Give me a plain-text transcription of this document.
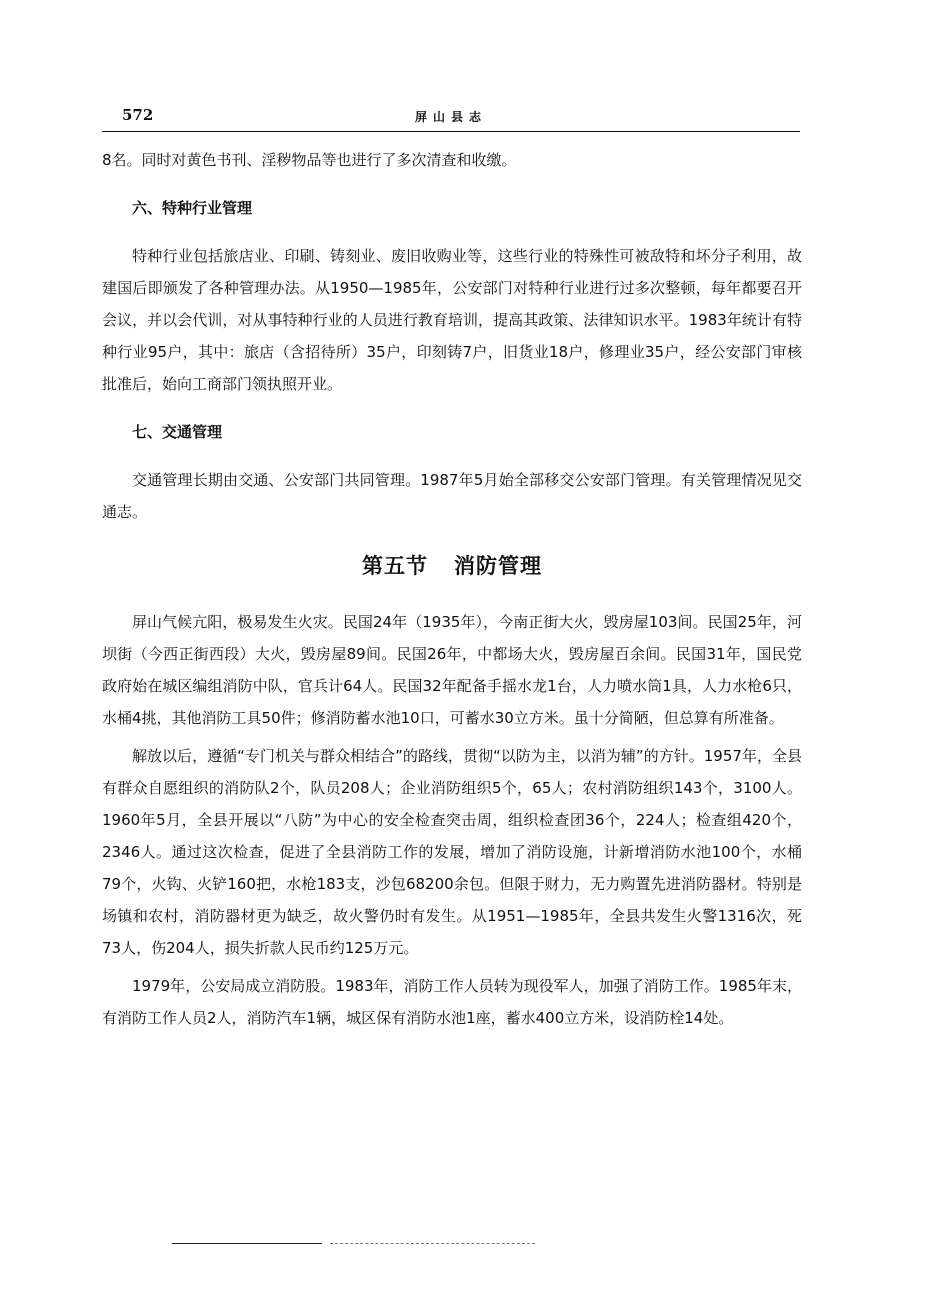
572	屏山县志

8名。同时对黄色书刊、淫秽物品等也进行了多次清查和收缴。

六、特种行业管理

特种行业包括旅店业、印刷、铸刻业、废旧收购业等，这些行业的特殊性可被敌特和坏分子利用，故建国后即颁发了各种管理办法。从1950—1985年，公安部门对特种行业进行过多次整顿，每年都要召开会议，并以会代训，对从事特种行业的人员进行教育培训，提高其政策、法律知识水平。1983年统计有特种行业95户，其中：旅店（含招待所）35户，印刻铸7户，旧货业18户，修理业35户，经公安部门审核批准后，始向工商部门领执照开业。

七、交通管理

交通管理长期由交通、公安部门共同管理。1987年5月始全部移交公安部门管理。有关管理情况见交通志。

第五节 消防管理

屏山气候亢阳，极易发生火灾。民国24年（1935年），今南正街大火，毁房屋103间。民国25年，河坝街（今西正街西段）大火，毁房屋89间。民国26年，中都场大火，毁房屋百余间。民国31年，国民党政府始在城区编组消防中队，官兵计64人。民国32年配备手摇水龙1台，人力喷水筒1具，人力水枪6只，水桶4挑，其他消防工具50件；修消防蓄水池10口，可蓄水30立方米。虽十分简陋，但总算有所准备。

解放以后，遵循“专门机关与群众相结合”的路线，贯彻“以防为主，以消为辅”的方针。1957年，全县有群众自愿组织的消防队2个，队员208人；企业消防组织5个，65人；农村消防组织143个，3100人。1960年5月，全县开展以“八防”为中心的安全检查突击周，组织检查团36个，224人；检查组420个，2346人。通过这次检查，促进了全县消防工作的发展，增加了消防设施，计新增消防水池100个，水桶79个，火钩、火铲160把，水枪183支，沙包68200余包。但限于财力，无力购置先进消防器材。特别是场镇和农村，消防器材更为缺乏，故火警仍时有发生。从1951—1985年，全县共发生火警1316次，死73人，伤204人，损失折款人民币约125万元。

1979年，公安局成立消防股。1983年，消防工作人员转为现役军人，加强了消防工作。1985年末，有消防工作人员2人，消防汽车1辆，城区保有消防水池1座，蓄水400立方米，设消防栓14处。
